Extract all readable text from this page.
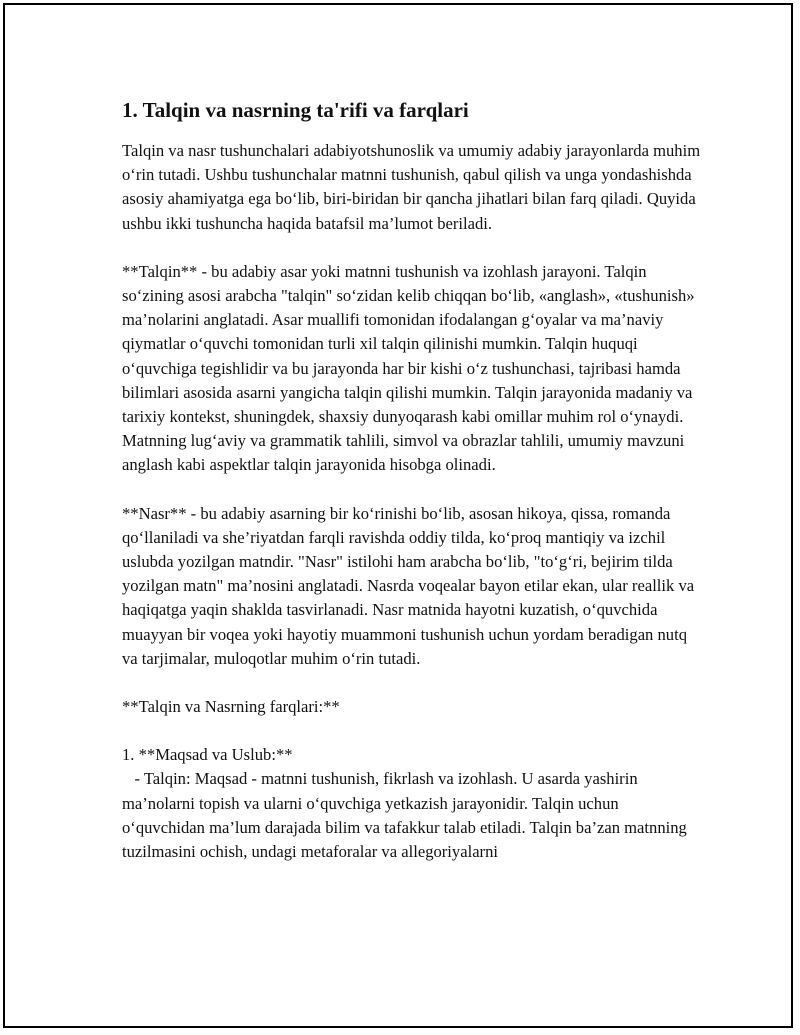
1. Talqin va nasrning ta'rifi va farqlari

Talqin va nasr tushunchalari adabiyotshunoslik va umumiy adabiy jarayonlarda muhim o‘rin tutadi. Ushbu tushunchalar matnni tushunish, qabul qilish va unga yondashishda asosiy ahamiyatga ega bo‘lib, biri-biridan bir qancha jihatlari bilan farq qiladi. Quyida ushbu ikki tushuncha haqida batafsil ma’lumot beriladi.

**Talqin** - bu adabiy asar yoki matnni tushunish va izohlash jarayoni. Talqin so‘zining asosi arabcha "talqin" so‘zidan kelib chiqqan bo‘lib, «anglash», «tushunish» ma’nolarini anglatadi. Asar muallifi tomonidan ifodalangan g‘oyalar va ma’naviy qiymatlar o‘quvchi tomonidan turli xil talqin qilinishi mumkin. Talqin huquqi o‘quvchiga tegishlidir va bu jarayonda har bir kishi o‘z tushunchasi, tajribasi hamda bilimlari asosida asarni yangicha talqin qilishi mumkin. Talqin jarayonida madaniy va tarixiy kontekst, shuningdek, shaxsiy dunyoqarash kabi omillar muhim rol o‘ynaydi. Matnning lug‘aviy va grammatik tahlili, simvol va obrazlar tahlili, umumiy mavzuni anglash kabi aspektlar talqin jarayonida hisobga olinadi.

**Nasr** - bu adabiy asarning bir ko‘rinishi bo‘lib, asosan hikoya, qissa, romanda qo‘llaniladi va she’riyatdan farqli ravishda oddiy tilda, ko‘proq mantiqiy va izchil uslubda yozilgan matndir. "Nasr" istilohi ham arabcha bo‘lib, "to‘g‘ri, bejirim tilda yozilgan matn" ma’nosini anglatadi. Nasrda voqealar bayon etilar ekan, ular reallik va haqiqatga yaqin shaklda tasvirlanadi. Nasr matnida hayotni kuzatish, o‘quvchida muayyan bir voqea yoki hayotiy muammoni tushunish uchun yordam beradigan nutq va tarjimalar, muloqotlar muhim o‘rin tutadi.

**Talqin va Nasrning farqlari:**

1. **Maqsad va Uslub:**

- Talqin: Maqsad - matnni tushunish, fikrlash va izohlash. U asarda yashirin ma’nolarni topish va ularni o‘quvchiga yetkazish jarayonidir. Talqin uchun o‘quvchidan ma’lum darajada bilim va tafakkur talab etiladi. Talqin ba’zan matnning tuzilmasini ochish, undagi metaforalar va allegoriyalarni
